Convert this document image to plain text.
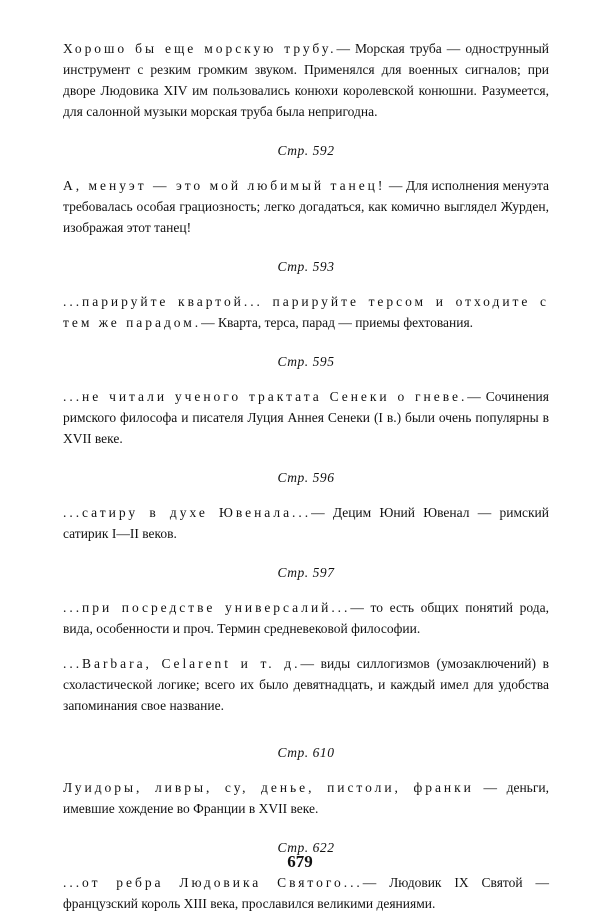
Хорошо бы еще морскую трубу.— Морская труба — однострунный инструмент с резким громким звуком. Применялся для военных сигналов; при дворе Людовика XIV им пользовались конюхи королевской конюшни. Разумеется, для салонной музыки морская труба была непригодна.

Стр. 592

А, менуэт — это мой любимый танец! — Для исполнения менуэта требовалась особая грациозность; легко догадаться, как комично выглядел Журден, изображая этот танец!

Стр. 593

...парируйте квартой... парируйте терсом и отходите с тем же парадом.— Кварта, терса, парад — приемы фехтования.

Стр. 595

...не читали ученого трактата Сенеки о гневе.— Сочинения римского философа и писателя Луция Аннея Сенеки (I в.) были очень популярны в XVII веке.

Стр. 596

...сатиру в духе Ювенала...— Децим Юний Ювенал — римский сатирик I—II веков.

Стр. 597

...при посредстве универсалий...— то есть общих понятий рода, вида, особенности и проч. Термин средневековой философии.

...Barbara, Celarent и т. д.— виды силлогизмов (умозаключений) в схоластической логике; всего их было девятнадцать, и каждый имел для удобства запоминания свое название.

Стр. 610

Луидоры, ливры, су, денье, пистоли, франки — деньги, имевшие хождение во Франции в XVII веке.

Стр. 622

...от ребра Людовика Святого...— Людовик IX Святой — французский король XIII века, прославился великими деяниями.

679
